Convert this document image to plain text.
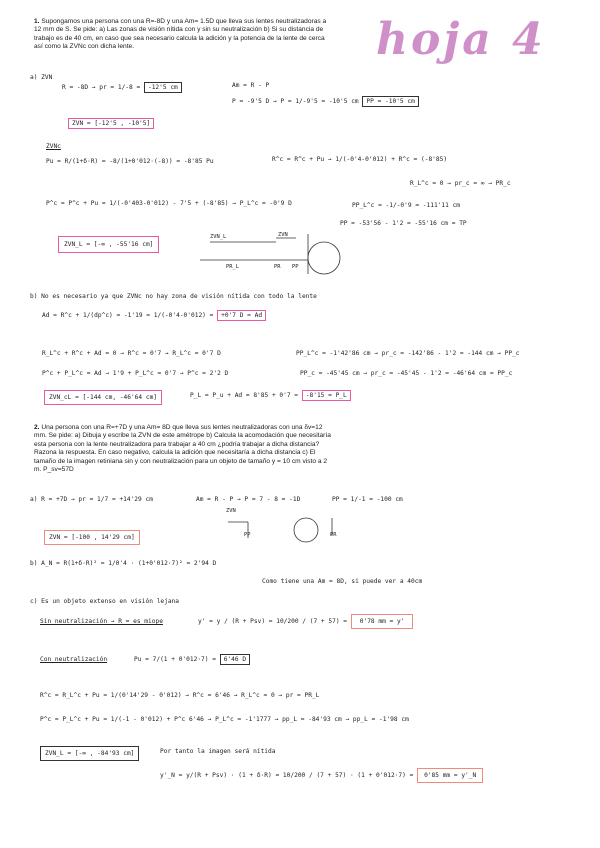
hoja 4
1. Supongamos una persona con una R=-8D y una Am= 1.5D que lleva sus lentes neutralizadoras a 12 mm de S. Se pide: a) Las zonas de visión nítida con y sin su neutralización b) Si su distancia de trabajo es de 40 cm, en caso que sea necesario calcula la adición y la potencia de la lente de cerca así como la ZVNc con dicha lente.
a) ZVN
R = -8D → pr = 1/-8 = -12'5 cm	Am = R - P
P = -9'5 D → P = 1/-9'5 = -10'5 cm PP = -10'5 cm
ZVN = [-12'5 , -10'5]
ZVNc
Pu = R/(1+δ·R) = -8/(1+0'012·(-8)) = -8'85 Pu	R^c = R^c + Pu → 1/(-0'4-0'012) + R^c = (-8'85)
R_L^c = 0 → pr_c = ∞ → PR_c
P^c = P^c + Pu = 1/(-0'403-0'012) - 7'5 + (-8'85) → P_L^c = -0'9 D	PP_L^c = -1/-0'9 = -111'11 cm
PP = -53'56 - 1'2 = -55'16 cm = TP
ZVN_L = [-∞ , -55'16 cm]
ZVN_L	ZVN
PR_L	PR PP
b) No es necesario ya que ZVNc no hay zona de visión nítida con todo la lente
Ad = R^c + 1/(dp^c) = -1'19 = 1/(-0'4-0'012) = +0'7 D = Ad
R_L^c + R^c + Ad = 0 → R^c = 0'7 → R_L^c = 0'7 D	PP_L^c = -1'42'86 cm → pr_c = -142'86 - 1'2 = -144 cm → PP_c
P^c + P_L^c = Ad → 1'9 + P_L^c = 0'7 → P^c = 2'2 D	PP_c = -45'45 cm → pr_c = -45'45 - 1'2 = -46'64 cm = PP_c
ZVN_cL = [-144 cm, -46'64 cm]	P_L = P_u + Ad = 8'85 + 0'7 = -8'15 = P_L
2. Una persona con una R=+7D y una Am= 8D que lleva sus lentes neutralizadoras con una δv=12 mm. Se pide: a) Dibuja y escribe la ZVN de este amétrope b) Calcula la acomodación que necesitaría esta persona con la lente neutralizadora para trabajar a 40 cm ¿podría trabajar a dicha distancia? Razona la respuesta. En caso negativo, calcula la adición que necesitaría a dicha distancia c) El tamaño de la imagen retiniana sin y con neutralización para un objeto de tamaño y = 10 cm visto a 2 m. P_sv=57D
a) R = +7D → pr = 1/7 = +14'29 cm	Am = R - P → P = 7 - 8 = -1D	PP = 1/-1 = -100 cm
ZVN = [-100 , 14'29 cm]
ZVN
PP	PR
b) A_N = R(1+δ·R)² = 1/0'4 · (1+0'012·7)² = 2'94 D
Como tiene una Am = 8D, si puede ver a 40cm
c) Es un objeto extenso en visión lejana
Sin neutralización → R = es miope	y' = y / (R + Psv) = 10/200 / (7 + 57) = 0'78 mm = y'
Con neutralización	Pu = 7/(1 + 0'012·7) = 6'46 D
R^c = R_L^c + Pu = 1/(0'14'29 - 0'012) → R^c = 6'46 → R_L^c = 0 → pr = PR_L
P^c = P_L^c + Pu = 1/(-1 - 0'012) + P^c 6'46 → P_L^c = -1'1777 → pp_L = -84'93 cm → pp_L = -1'98 cm
ZVN_L = [-∞ , -84'93 cm]	Por tanto la imagen será nítida
y'_N = y/(R + Psv) · (1 + δ·R) = 10/200 / (7 + 57) · (1 + 0'012·7) = 0'85 mm = y'_N
